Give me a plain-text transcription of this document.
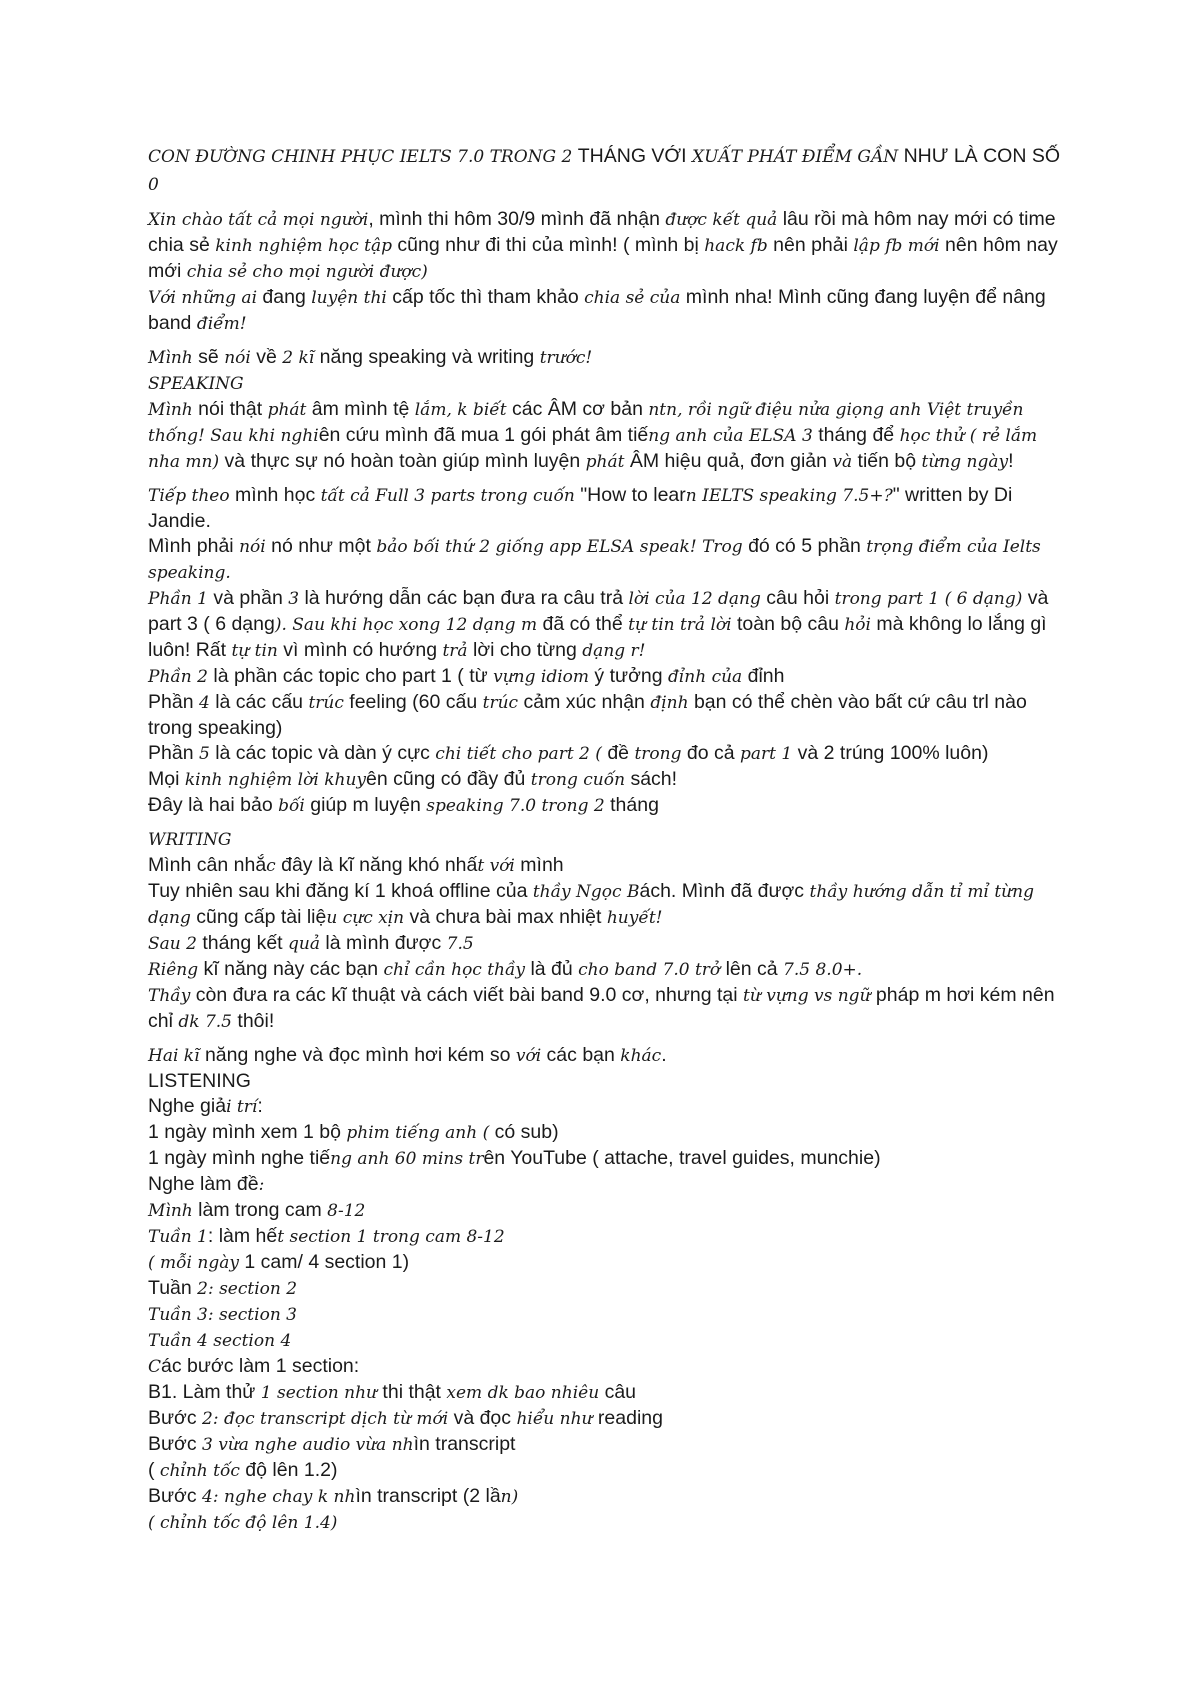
CON ĐƯỜNG CHINH PHỤC IELTS 7.0 TRONG 2 THÁNG VỚI XUẤT PHÁT ĐIỂM GẦN NHƯ LÀ CON SỐ 0

Xin chào tất cả mọi người, mình thi hôm 30/9 mình đã nhận được kết quả lâu rồi mà hôm nay mới có time chia sẻ kinh nghiệm học tập cũng như đi thi của mình! ( mình bị hack fb nên phải lập fb mới nên hôm nay mới chia sẻ cho mọi người được)

Với những ai đang luyện thi cấp tốc thì tham khảo chia sẻ của mình nha! Mình cũng đang luyện để nâng band điểm!

Mình sẽ nói về 2 kĩ năng speaking và writing trước!

SPEAKING

Mình nói thật phát âm mình tệ lắm, k biết các ÂM cơ bản ntn, rồi ngữ điệu nửa giọng anh Việt truyền thống! Sau khi nghiên cứu mình đã mua 1 gói phát âm tiếng anh của ELSA 3 tháng để học thử ( rẻ lắm nha mn) và thực sự nó hoàn toàn giúp mình luyện phát ÂM hiệu quả, đơn giản và tiến bộ từng ngày!

Tiếp theo mình học tất cả Full 3 parts trong cuốn "How to learn IELTS speaking 7.5+?" written by Di Jandie.

Mình phải nói nó như một bảo bối thứ 2 giống app ELSA speak! Trog đó có 5 phần trọng điểm của Ielts speaking.

Phần 1 và phần 3 là hướng dẫn các bạn đưa ra câu trả lời của 12 dạng câu hỏi trong part 1 ( 6 dạng) và part 3 ( 6 dạng). Sau khi học xong 12 dạng m đã có thể tự tin trả lời toàn bộ câu hỏi mà không lo lắng gì luôn! Rất tự tin vì mình có hướng trả lời cho từng dạng r!

Phần 2 là phần các topic cho part 1 ( từ vựng idiom ý tưởng đỉnh của đỉnh

Phần 4 là các cấu trúc feeling (60 cấu trúc cảm xúc nhận định bạn có thể chèn vào bất cứ câu trl nào trong speaking)

Phần 5 là các topic và dàn ý cực chi tiết cho part 2 ( đề trong đo cả part 1 và 2 trúng 100% luôn)

Mọi kinh nghiệm lời khuyên cũng có đầy đủ trong cuốn sách!

Đây là hai bảo bối giúp m luyện speaking 7.0 trong 2 tháng

WRITING

Mình cân nhắc đây là kĩ năng khó nhất với mình

Tuy nhiên sau khi đăng kí 1 khoá offline của thầy Ngọc Bách. Mình đã được thầy hướng dẫn tỉ mỉ từng dạng cũng cấp tài liệu cực xịn và chưa bài max nhiệt huyết!

Sau 2 tháng kết quả là mình được 7.5

Riêng kĩ năng này các bạn chỉ cần học thầy là đủ cho band 7.0 trở lên cả 7.5 8.0+.

Thầy còn đưa ra các kĩ thuật và cách viết bài band 9.0 cơ, nhưng tại từ vựng vs ngữ pháp m hơi kém nên chỉ dk 7.5 thôi!

Hai kĩ năng nghe và đọc mình hơi kém so với các bạn khác.

LISTENING

Nghe giải trí:

1 ngày mình xem 1 bộ phim tiếng anh ( có sub)

1 ngày mình nghe tiếng anh 60 mins trên YouTube ( attache, travel guides, munchie)

Nghe làm đề:

Mình làm trong cam 8-12

Tuần 1: làm hết section 1 trong cam 8-12

( mỗi ngày 1 cam/ 4 section 1)

Tuần 2: section 2

Tuần 3: section 3

Tuần 4 section 4

Các bước làm 1 section:

B1. Làm thử 1 section như thi thật xem dk bao nhiêu câu

Bước 2: đọc transcript dịch từ mới và đọc hiểu như reading

Bước 3 vừa nghe audio vừa nhìn transcript

( chỉnh tốc độ lên 1.2)

Bước 4: nghe chay k nhìn transcript (2 lần)

( chỉnh tốc độ lên 1.4)
